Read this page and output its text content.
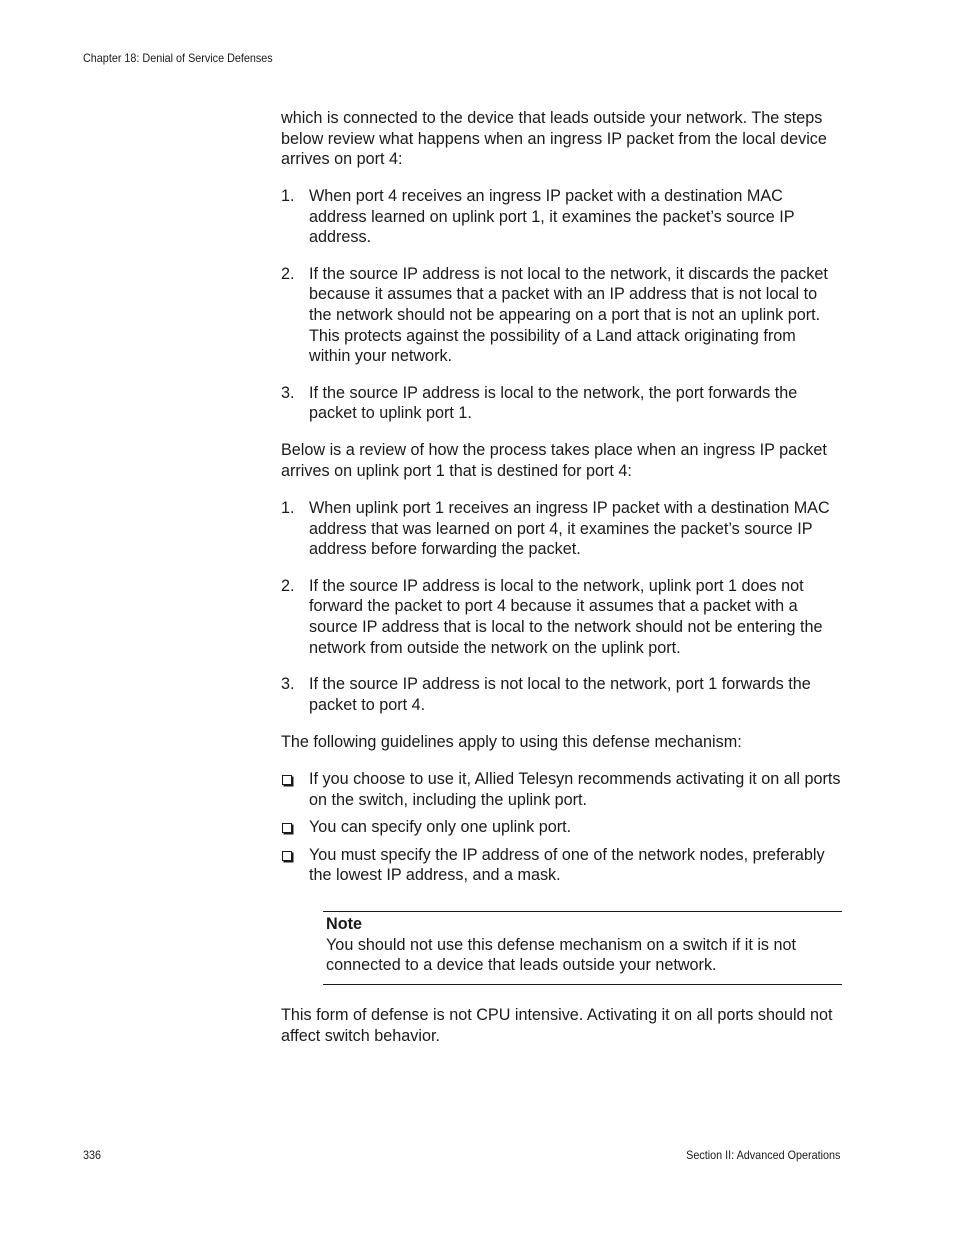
Chapter 18: Denial of Service Defenses

which is connected to the device that leads outside your network. The steps below review what happens when an ingress IP packet from the local device arrives on port 4:

1. When port 4 receives an ingress IP packet with a destination MAC address learned on uplink port 1, it examines the packet’s source IP address.
2. If the source IP address is not local to the network, it discards the packet because it assumes that a packet with an IP address that is not local to the network should not be appearing on a port that is not an uplink port. This protects against the possibility of a Land attack originating from within your network.
3. If the source IP address is local to the network, the port forwards the packet to uplink port 1.

Below is a review of how the process takes place when an ingress IP packet arrives on uplink port 1 that is destined for port 4:

1. When uplink port 1 receives an ingress IP packet with a destination MAC address that was learned on port 4, it examines the packet’s source IP address before forwarding the packet.
2. If the source IP address is local to the network, uplink port 1 does not forward the packet to port 4 because it assumes that a packet with a source IP address that is local to the network should not be entering the network from outside the network on the uplink port.
3. If the source IP address is not local to the network, port 1 forwards the packet to port 4.

The following guidelines apply to using this defense mechanism:

If you choose to use it, Allied Telesyn recommends activating it on all ports on the switch, including the uplink port.
You can specify only one uplink port.
You must specify the IP address of one of the network nodes, preferably the lowest IP address, and a mask.
Note
You should not use this defense mechanism on a switch if it is not connected to a device that leads outside your network.

This form of defense is not CPU intensive. Activating it on all ports should not affect switch behavior.

336	Section II: Advanced Operations
